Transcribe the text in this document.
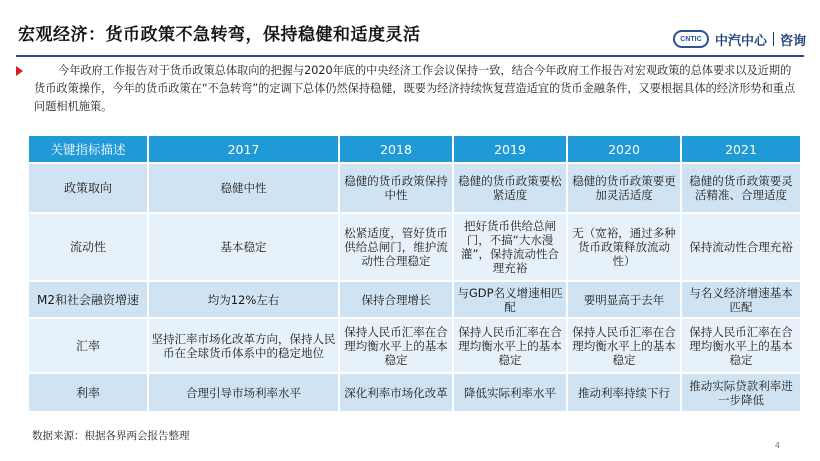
宏观经济：货币政策不急转弯，保持稳健和适度灵活	CNTIC	中汽中心 咨询

今年政府工作报告对于货币政策总体取向的把握与2020年底的中央经济工作会议保持一致，结合今年政府工作报告对宏观政策的总体要求以及近期的货币政策操作，今年的货币政策在“不急转弯”的定调下总体仍然保持稳健，既要为经济持续恢复营造适宜的货币金融条件，又要根据具体的经济形势和重点问题相机施策。

关键指标描述	2017	2018	2019	2020	2021
政策取向	稳健中性	稳健的货币政策保持中性	稳健的货币政策要松紧适度	稳健的货币政策要更加灵活适度	稳健的货币政策要灵活精准、合理适度
流动性	基本稳定	松紧适度，管好货币供给总闸门，维护流动性合理稳定	把好货币供给总闸门，不搞“大水漫灌”，保持流动性合理充裕	无（宽裕，通过多种货币政策释放流动性）	保持流动性合理充裕
M2和社会融资增速	均为12%左右	保持合理增长	与GDP名义增速相匹配	要明显高于去年	与名义经济增速基本匹配
汇率	坚持汇率市场化改革方向，保持人民币在全球货币体系中的稳定地位	保持人民币汇率在合理均衡水平上的基本稳定	保持人民币汇率在合理均衡水平上的基本稳定	保持人民币汇率在合理均衡水平上的基本稳定	保持人民币汇率在合理均衡水平上的基本稳定
利率	合理引导市场利率水平	深化利率市场化改革	降低实际利率水平	推动利率持续下行	推动实际贷款利率进一步降低
数据来源：根据各界两会报告整理
4
